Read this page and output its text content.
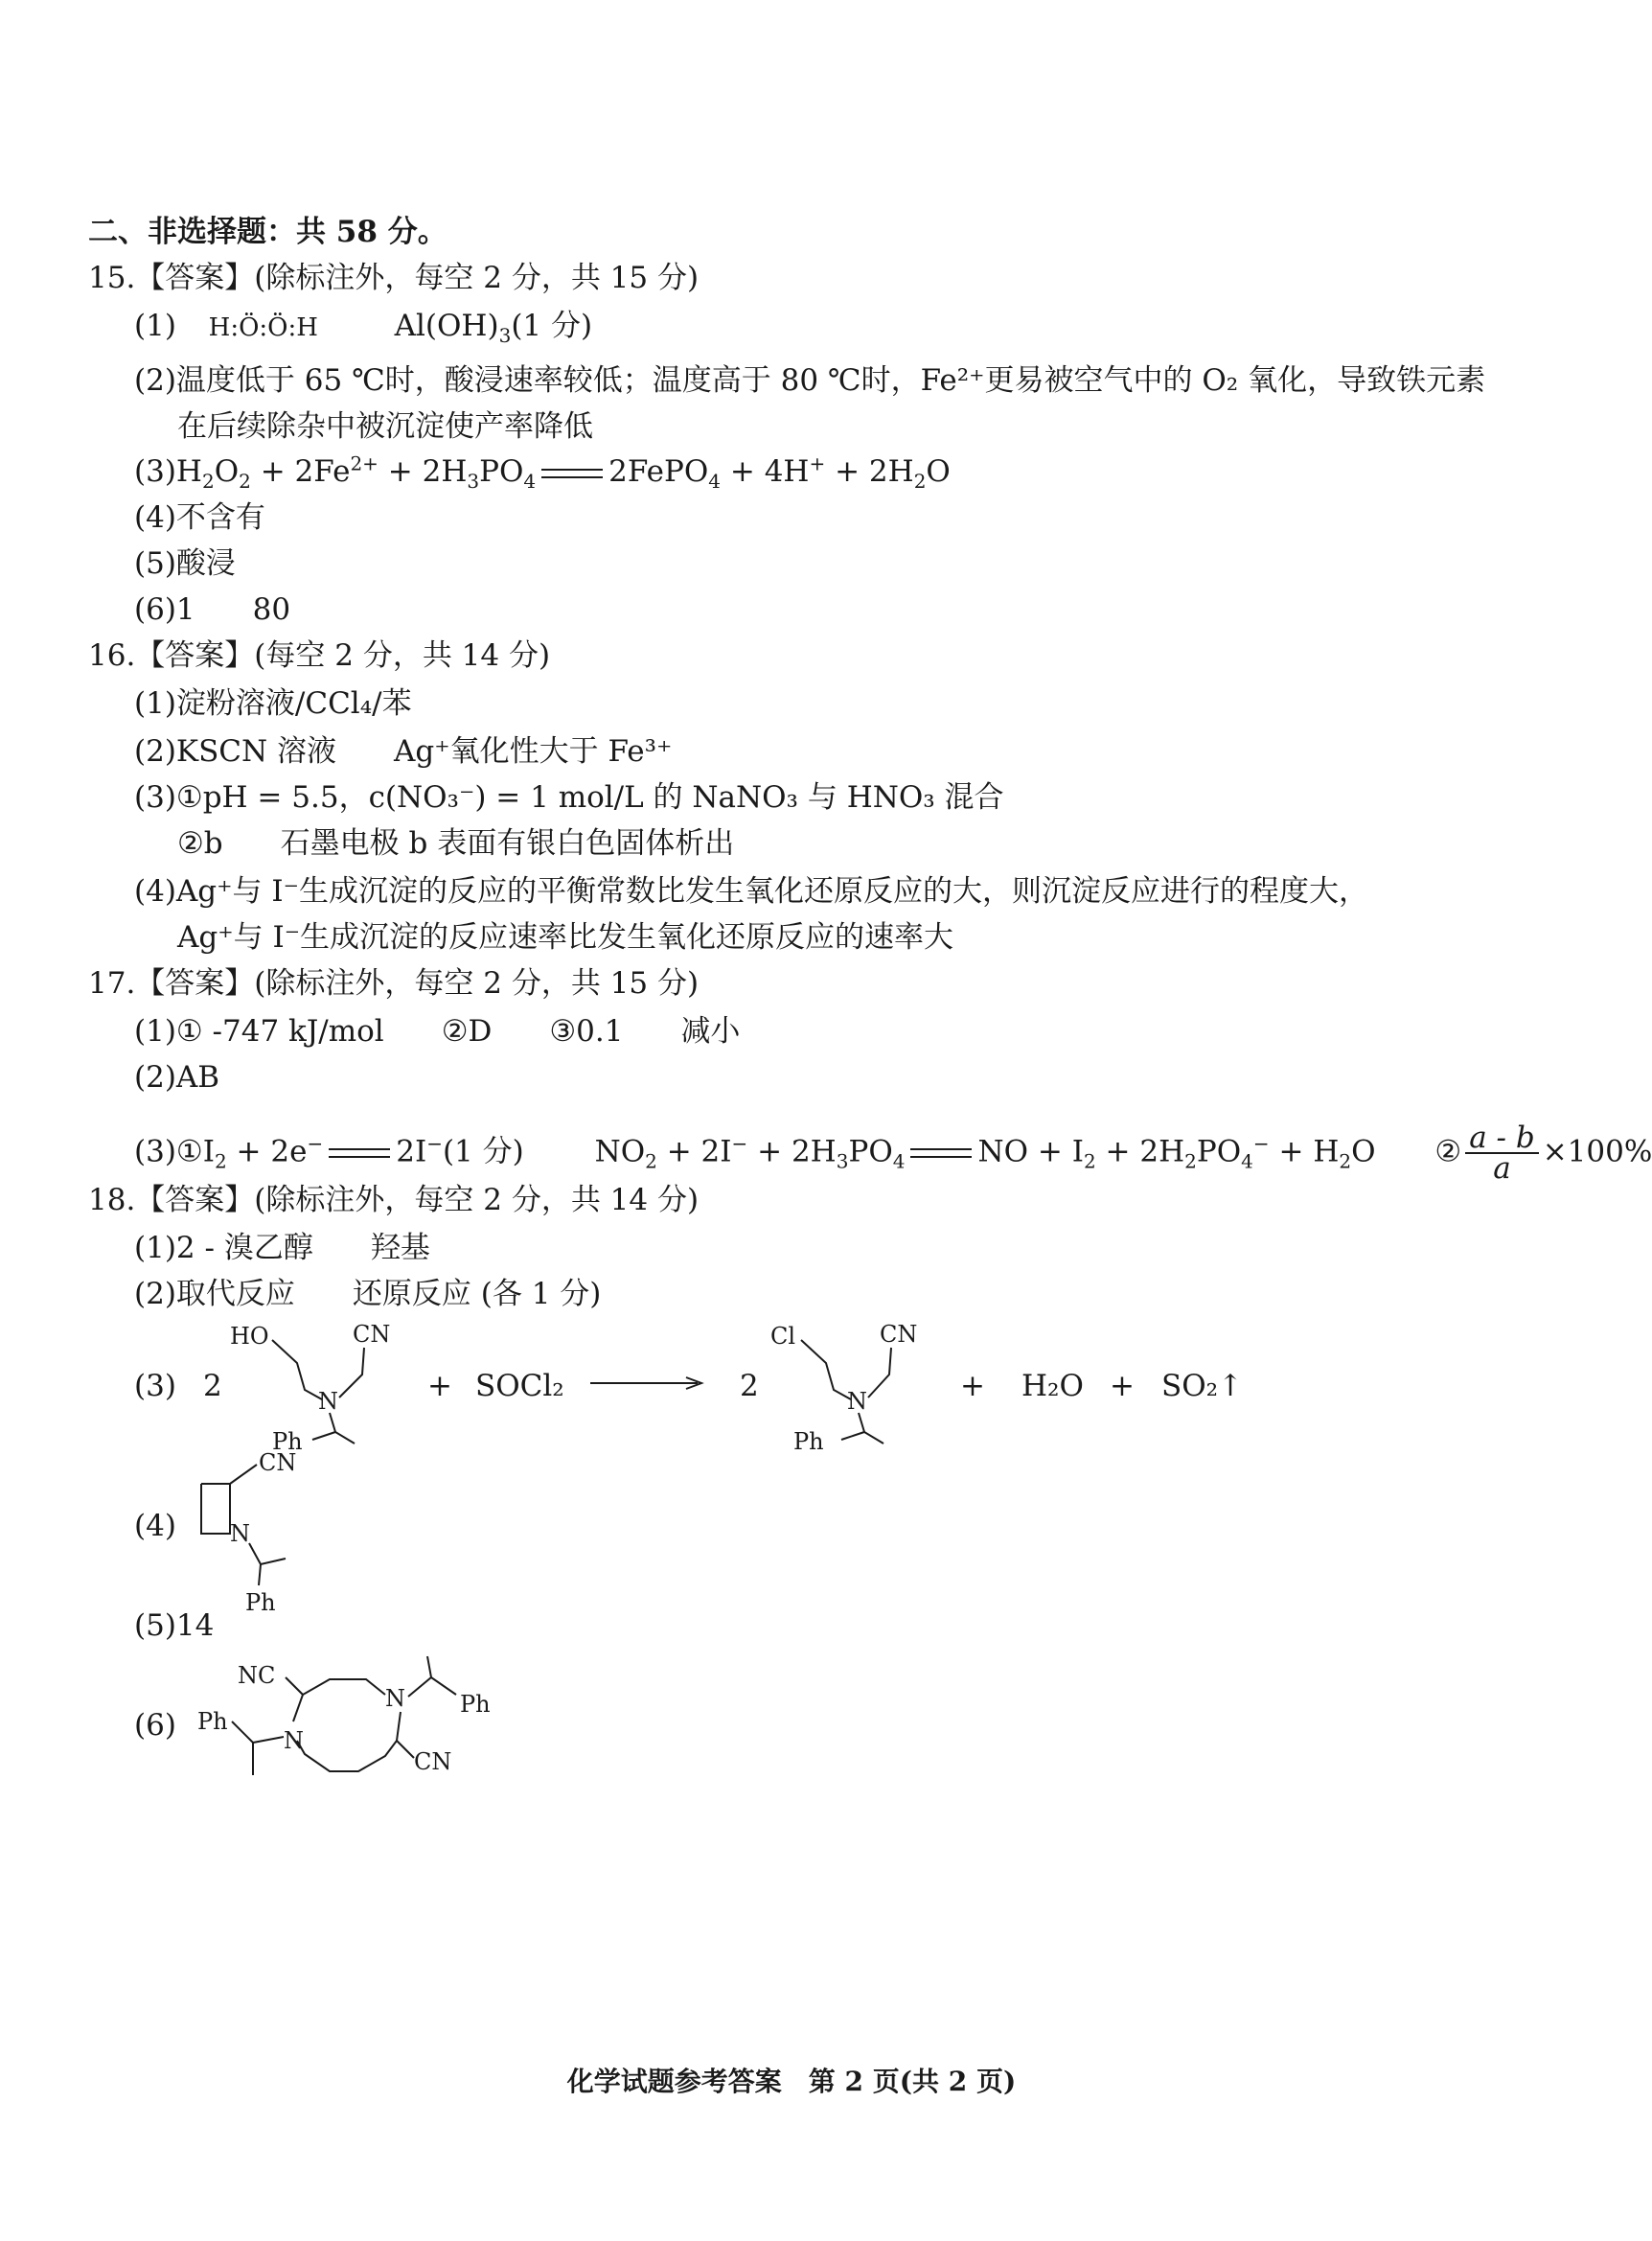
二、非选择题：共 58 分。
15.【答案】(除标注外，每空 2 分，共 15 分)
(1) H:Ö:Ö:H	$Al(OH)_3(1$ 分)
(2)温度低于 65 ℃时，酸浸速率较低；温度高于 80 ℃时，Fe²⁺更易被空气中的 O₂ 氧化，导致铁元素
在后续除杂中被沉淀使产率降低
$(3)H_2O_2 + 2Fe^{2+} + 2H_3PO_4$ 2FePO$_4$ + $4H^+ + 2H_2O$
(4)不含有
(5)酸浸
(6)1 80
16.【答案】(每空 2 分，共 14 分)
(1)淀粉溶液/CCl₄/苯
(2)KSCN 溶液 Ag⁺氧化性大于 Fe³⁺
(3)①pH = 5.5，c(NO₃⁻) = 1 mol/L 的 NaNO₃ 与 HNO₃ 混合
②b 石墨电极 b 表面有银白色固体析出
(4)Ag⁺与 I⁻生成沉淀的反应的平衡常数比发生氧化还原反应的大，则沉淀反应进行的程度大，
Ag⁺与 I⁻生成沉淀的反应速率比发生氧化还原反应的速率大
17.【答案】(除标注外，每空 2 分，共 15 分)
(1)① -747 kJ/mol ②D ③0.1 减小
(2)AB
$(3)①I_2 + 2e^-$ 2I−(1 分) $NO_2 + 2I^- + 2H_3PO_4$ NO + $I_2 + 2H_2PO_4^- + H_2O$ ② $\frac{a - b}{a} \times 100\%$
18.【答案】(除标注外，每空 2 分，共 14 分)
(1)2 - 溴乙醇 羟基
(2)取代反应 还原反应 (各 1 分)
(3) 2
HO
N
CN
Ph
+ SOCl₂	2
Cl
N
CN
Ph
+ H₂O + SO₂↑
(4)
CN
N
Ph
(5)14
(6) Ph
N
NC
N
CN
Ph
化学试题参考答案　第 2 页(共 2 页)
